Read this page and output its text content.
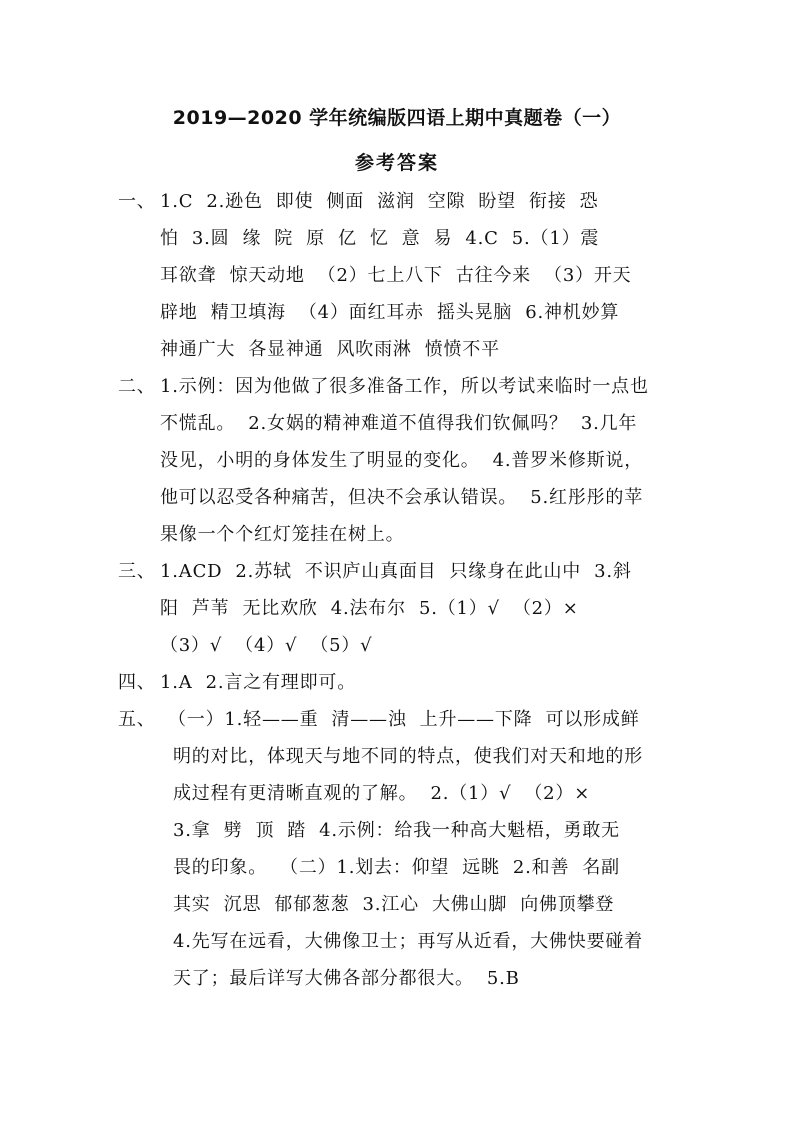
2019—2020 学年统编版四语上期中真题卷（一）
参考答案
一、 1.C  2.逊色  即使  侧面  滋润  空隙  盼望  衔接  恐
怕  3.圆  缘  院  原  亿  忆  意  易  4.C  5.（1）震
耳欲聋  惊天动地  （2）七上八下  古往今来  （3）开天
辟地  精卫填海  （4）面红耳赤  摇头晃脑  6.神机妙算
神通广大  各显神通  风吹雨淋  愤愤不平
二、 1.示例：因为他做了很多准备工作，所以考试来临时一点也
不慌乱。  2.女娲的精神难道不值得我们钦佩吗？  3.几年
没见，小明的身体发生了明显的变化。  4.普罗米修斯说，
他可以忍受各种痛苦，但决不会承认错误。  5.红彤彤的苹
果像一个个红灯笼挂在树上。
三、 1.ACD  2.苏轼  不识庐山真面目  只缘身在此山中  3.斜
阳  芦苇  无比欢欣  4.法布尔  5.（1）√  （2）×
（3）√  （4）√  （5）√
四、 1.A  2.言之有理即可。
五、 （一）1.轻——重  清——浊  上升——下降  可以形成鲜
明的对比，体现天与地不同的特点，使我们对天和地的形
成过程有更清晰直观的了解。  2.（1）√  （2）×
3.拿  劈  顶  踏  4.示例：给我一种高大魁梧，勇敢无
畏的印象。  （二）1.划去：仰望  远眺  2.和善  名副
其实  沉思  郁郁葱葱  3.江心  大佛山脚  向佛顶攀登
4.先写在远看，大佛像卫士；再写从近看，大佛快要碰着
天了；最后详写大佛各部分都很大。  5.B
